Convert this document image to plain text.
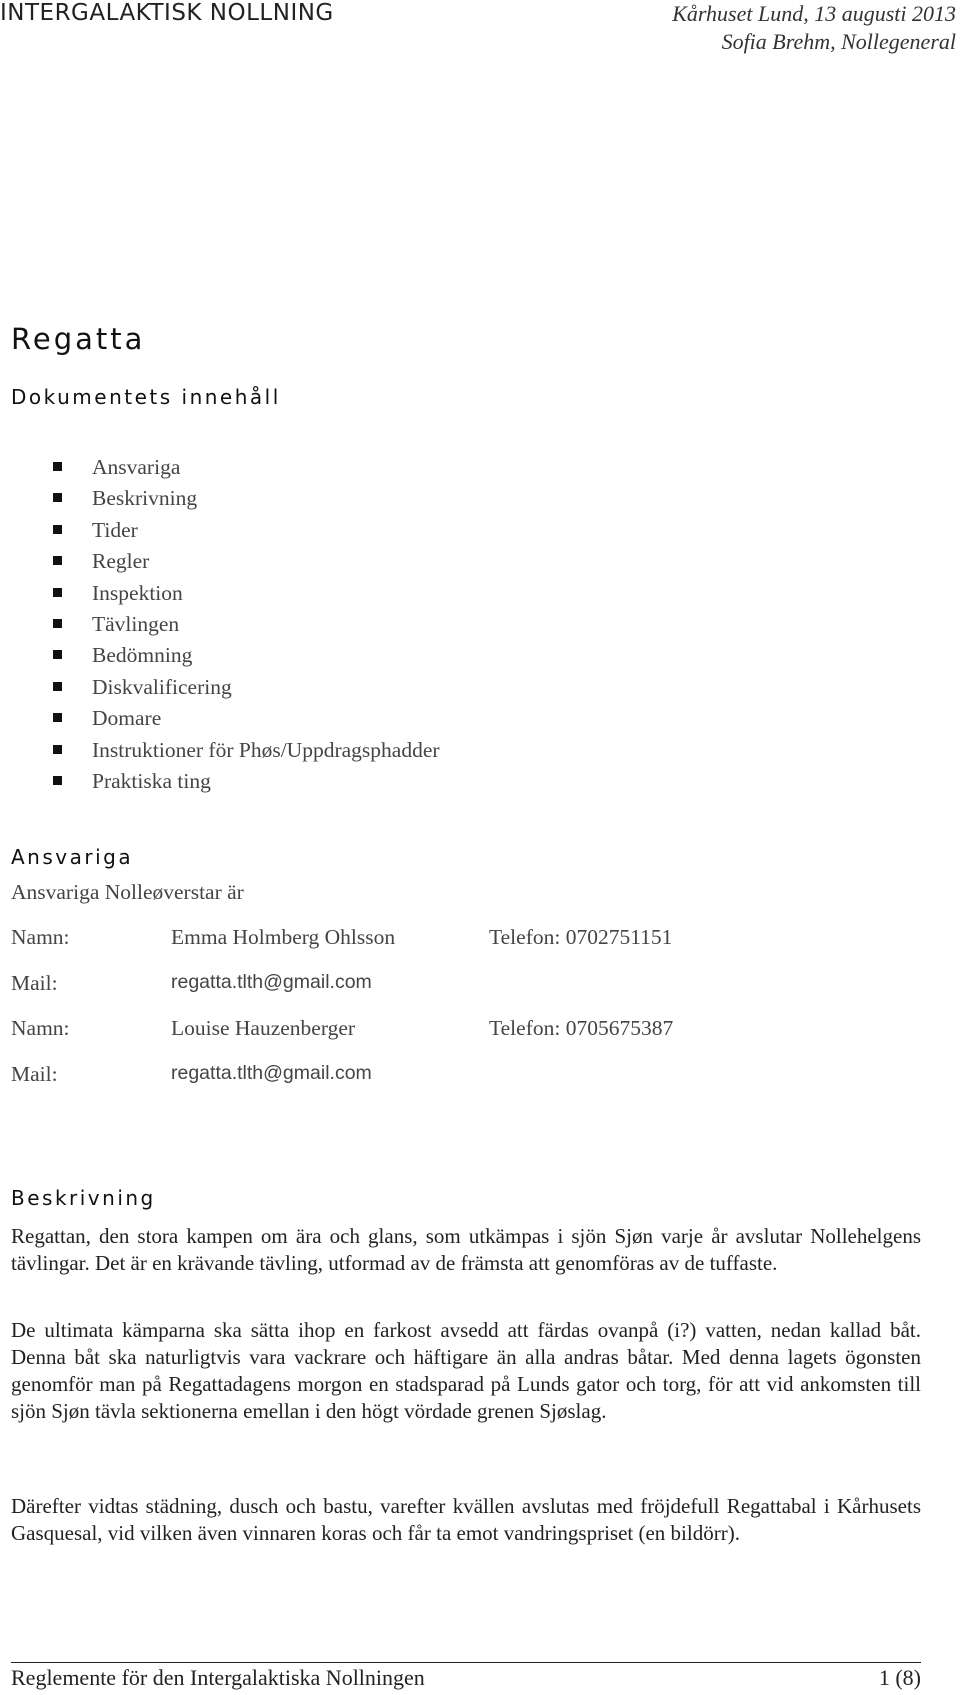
INTERGALAKTISK NOLLNING	Kårhuset Lund, 13 augusti 2013
Sofia Brehm, Nollegeneral
Regatta
Dokumentets innehåll
Ansvariga
Beskrivning
Tider
Regler
Inspektion
Tävlingen
Bedömning
Diskvalificering
Domare
Instruktioner för Phøs/Uppdragsphadder
Praktiska ting
Ansvariga
Ansvariga Nolleøverstar är
Namn:	Emma Holmberg Ohlsson	Telefon: 0702751151
Mail:	regatta.tlth@gmail.com
Namn:	Louise Hauzenberger	Telefon: 0705675387
Mail:	regatta.tlth@gmail.com
Beskrivning

Regattan, den stora kampen om ära och glans, som utkämpas i sjön Sjøn varje år avslutar Nollehelgens tävlingar. Det är en krävande tävling, utformad av de främsta att genomföras av de tuffaste.

De ultimata kämparna ska sätta ihop en farkost avsedd att färdas ovanpå (i?) vatten, nedan kallad båt. Denna båt ska naturligtvis vara vackrare och häftigare än alla andras båtar. Med denna lagets ögonsten genomför man på Regattadagens morgon en stadsparad på Lunds gator och torg, för att vid ankomsten till sjön Sjøn tävla sektionerna emellan i den högt vördade grenen Sjøslag.

Därefter vidtas städning, dusch och bastu, varefter kvällen avslutas med fröjdefull Regattabal i Kårhusets Gasquesal, vid vilken även vinnaren koras och får ta emot vandringspriset (en bildörr).

Reglemente för den Intergalaktiska Nollningen	1 (8)
